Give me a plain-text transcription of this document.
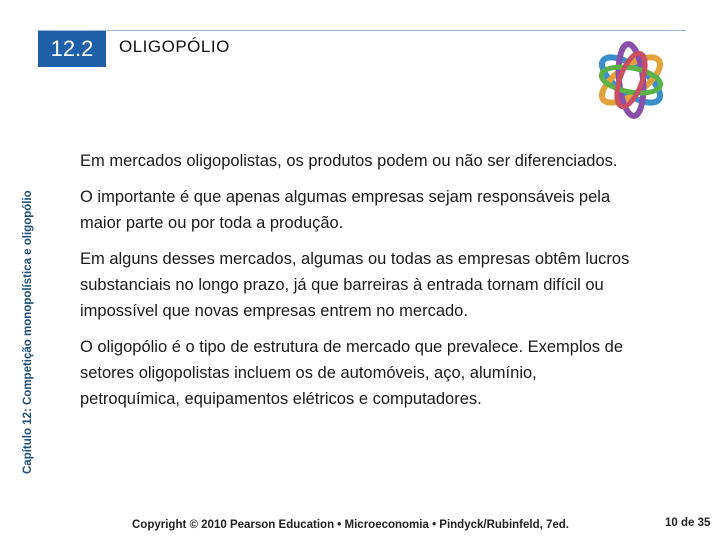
Capítulo 12: Competição monopolística e oligopólio
12.2	OLIGOPÓLIO
Em mercados oligopolistas, os produtos podem ou não ser diferenciados.
O importante é que apenas algumas empresas sejam responsáveis pela maior parte ou por toda a produção.
Em alguns desses mercados, algumas ou todas as empresas obtêm lucros substanciais no longo prazo, já que barreiras à entrada tornam difícil ou impossível que novas empresas entrem no mercado.
O oligopólio é o tipo de estrutura de mercado que prevalece. Exemplos de setores oligopolistas incluem os de automóveis, aço, alumínio, petroquímica, equipamentos elétricos e computadores.
Copyright © 2010 Pearson Education • Microeconomia • Pindyck/Rubinfeld, 7ed.	10 de 35
